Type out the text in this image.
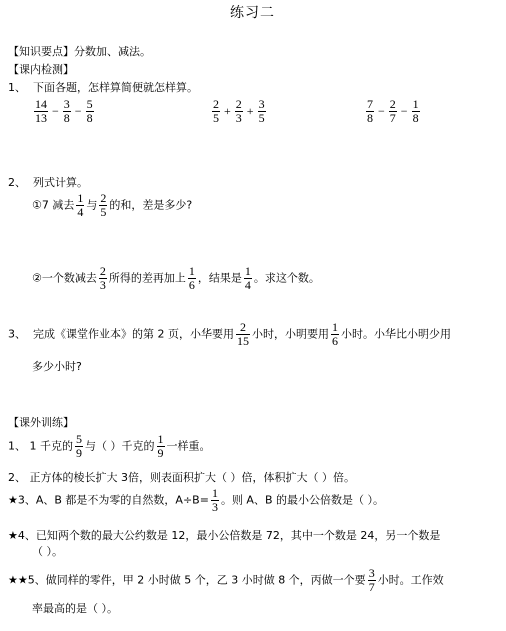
练习二
【知识要点】分数加、减法。
【课内检测】
1、 下面各题，怎样算简便就怎样算。
$\frac{14}{13} - \frac{3}{8} - \frac{5}{8}$	$\frac{2}{5} + \frac{2}{3} + \frac{3}{5}$	$\frac{7}{8} - \frac{2}{7} - \frac{1}{8}$
2、 列式计算。
①7 减去 $\frac{1}{4}$ 与 $\frac{2}{5}$ 的和，差是多少?
②一个数减去 $\frac{2}{3}$ 所得的差再加上 $\frac{1}{6}$ ，结果是 $\frac{1}{4}$ 。求这个数。
3、 完成《课堂作业本》的第 2 页，小华要用 $\frac{2}{15}$ 小时，小明要用 $\frac{1}{6}$ 小时。小华比小明少用
多少小时?
【课外训练】
1、 1 千克的 $\frac{5}{9}$ 与（ ）千克的 $\frac{1}{9}$ 一样重。
2、 正方体的棱长扩大 3倍，则表面积扩大（ ）倍，体积扩大（ ）倍。
★3、A、B 都是不为零的自然数，$A\div B= \frac{1}{3}$ 。则 A、B 的最小公倍数是（ ）。
★4、已知两个数的最大公约数是 12，最小公倍数是 72，其中一个数是 24，另一个数是
（ ）。
★★5、做同样的零件，甲 2 小时做 5 个，乙 3 小时做 8 个，丙做一个要 $\frac{3}{7}$ 小时。工作效
率最高的是（ ）。
